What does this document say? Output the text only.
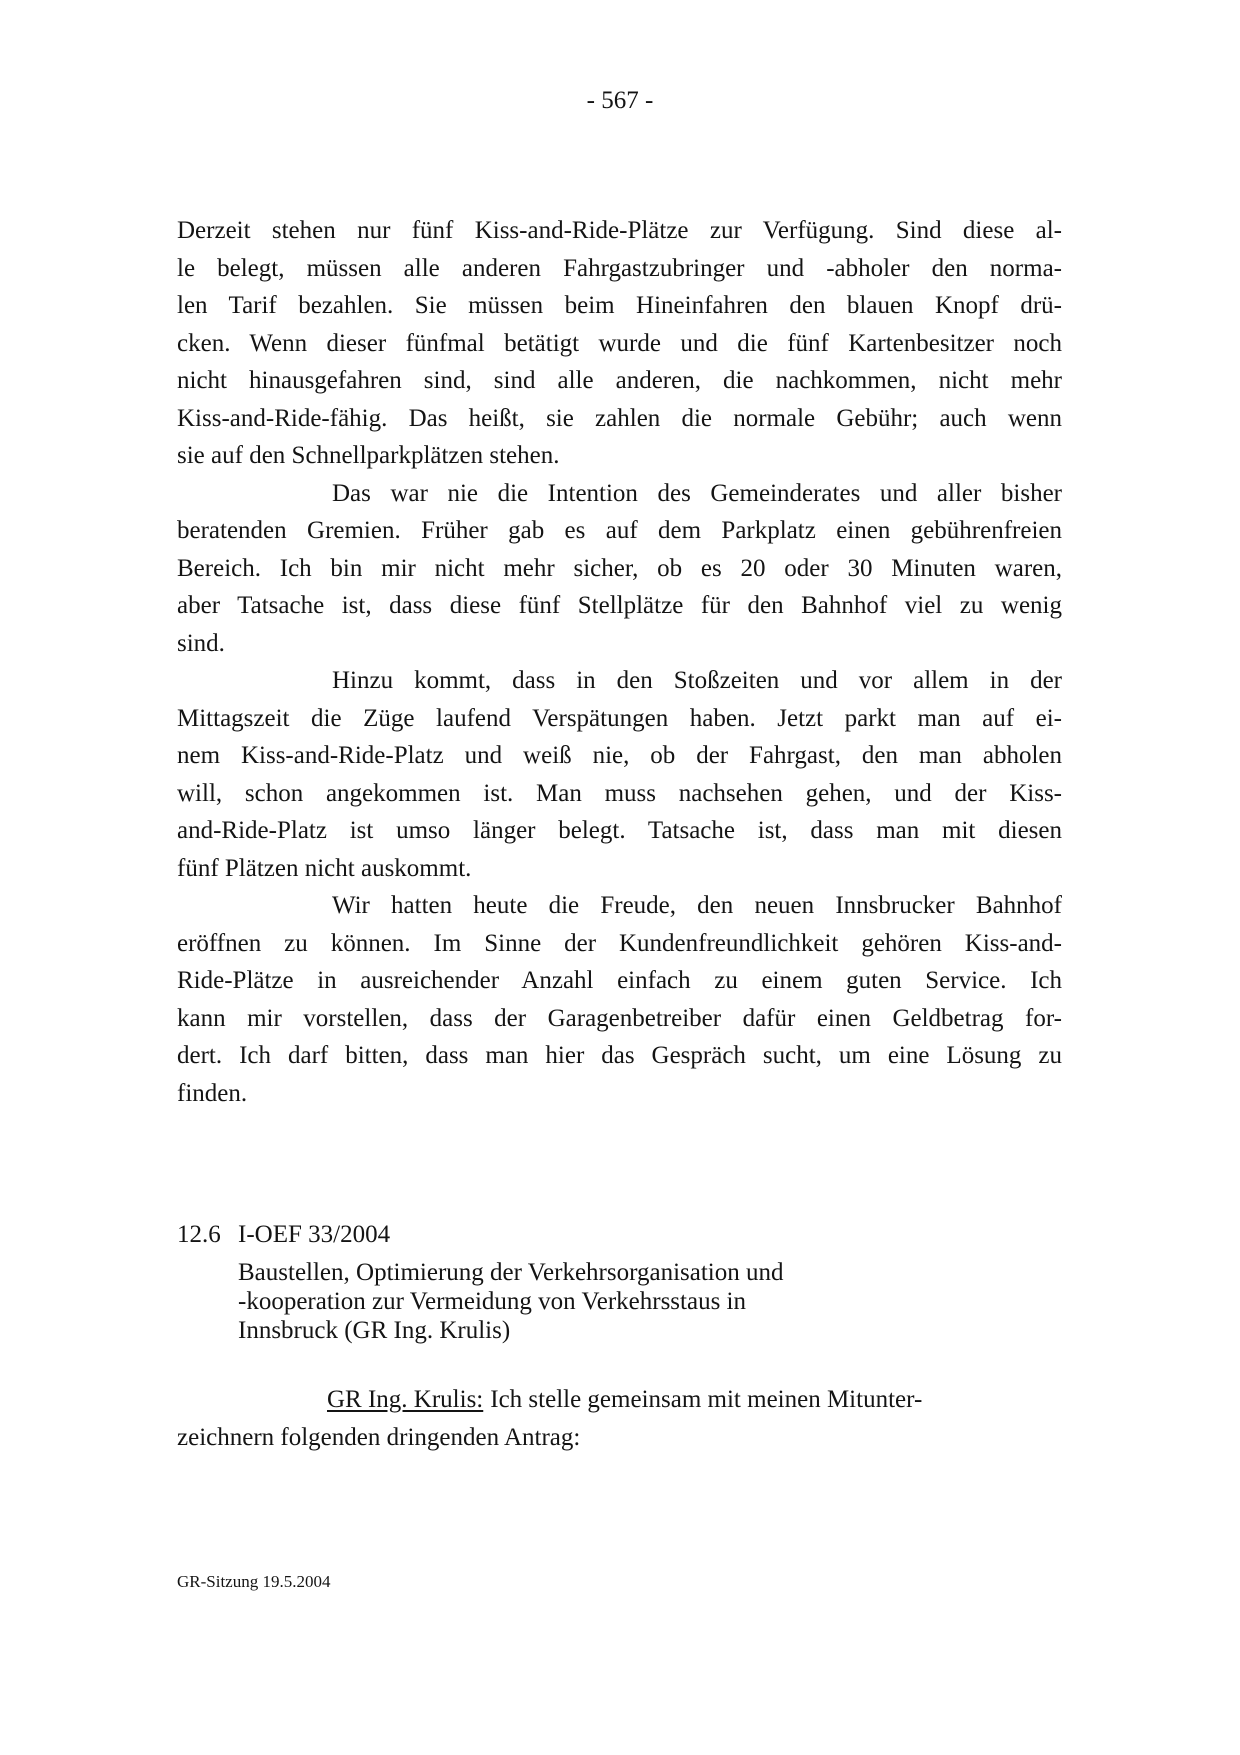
- 567 -
Derzeit stehen nur fünf Kiss-and-Ride-Plätze zur Verfügung. Sind diese al-
le belegt, müssen alle anderen Fahrgastzubringer und -abholer den norma-
len Tarif bezahlen. Sie müssen beim Hineinfahren den blauen Knopf drü-
cken. Wenn dieser fünfmal betätigt wurde und die fünf Kartenbesitzer noch
nicht hinausgefahren sind, sind alle anderen, die nachkommen, nicht mehr
Kiss-and-Ride-fähig. Das heißt, sie zahlen die normale Gebühr; auch wenn
sie auf den Schnellparkplätzen stehen.
Das war nie die Intention des Gemeinderates und aller bisher
beratenden Gremien. Früher gab es auf dem Parkplatz einen gebührenfreien
Bereich. Ich bin mir nicht mehr sicher, ob es 20 oder 30 Minuten waren,
aber Tatsache ist, dass diese fünf Stellplätze für den Bahnhof viel zu wenig
sind.
Hinzu kommt, dass in den Stoßzeiten und vor allem in der
Mittagszeit die Züge laufend Verspätungen haben. Jetzt parkt man auf ei-
nem Kiss-and-Ride-Platz und weiß nie, ob der Fahrgast, den man abholen
will, schon angekommen ist. Man muss nachsehen gehen, und der Kiss-
and-Ride-Platz ist umso länger belegt. Tatsache ist, dass man mit diesen
fünf Plätzen nicht auskommt.
Wir hatten heute die Freude, den neuen Innsbrucker Bahnhof
eröffnen zu können. Im Sinne der Kundenfreundlichkeit gehören Kiss-and-
Ride-Plätze in ausreichender Anzahl einfach zu einem guten Service. Ich
kann mir vorstellen, dass der Garagenbetreiber dafür einen Geldbetrag for-
dert. Ich darf bitten, dass man hier das Gespräch sucht, um eine Lösung zu
finden.
12.6 I-OEF 33/2004
Baustellen, Optimierung der Verkehrsorganisation und
-kooperation zur Vermeidung von Verkehrsstaus in
Innsbruck (GR Ing. Krulis)
GR Ing. Krulis: Ich stelle gemeinsam mit meinen Mitunter-
zeichnern folgenden dringenden Antrag:
GR-Sitzung 19.5.2004
